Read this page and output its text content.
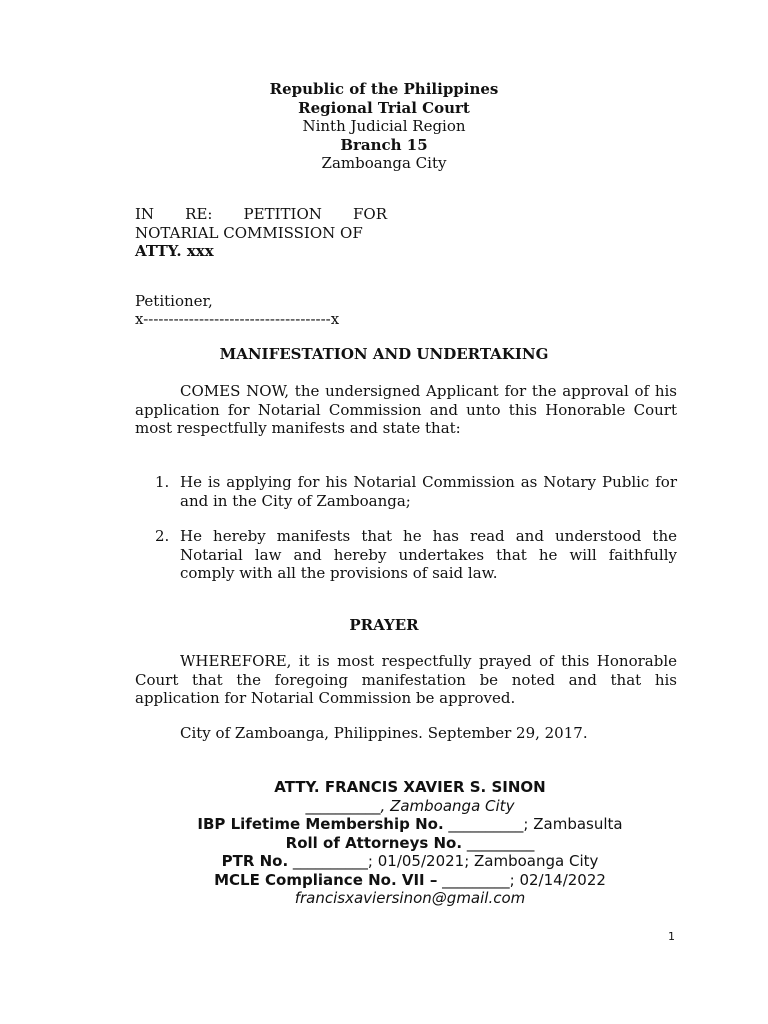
Republic of the Philippines
Regional Trial Court
Ninth Judicial Region
Branch 15
Zamboanga City
IN RE: PETITION FOR
NOTARIAL COMMISSION OF
ATTY. xxx
Petitioner,
x-------------------------------------x
MANIFESTATION AND UNDERTAKING
COMES NOW, the undersigned Applicant for the approval of his application for Notarial Commission and unto this Honorable Court most respectfully manifests and state that:
1. He is applying for his Notarial Commission as Notary Public for and in the City of Zamboanga;
2. He hereby manifests that he has read and understood the Notarial law and hereby undertakes that he will faithfully comply with all the provisions of said law.
PRAYER
WHEREFORE, it is most respectfully prayed of this Honorable Court that the foregoing manifestation be noted and that his application for Notarial Commission be approved.
City of Zamboanga, Philippines. September 29, 2017.
ATTY. FRANCIS XAVIER S. SINON
__________, Zamboanga City
IBP Lifetime Membership No. __________; Zambasulta
Roll of Attorneys No. _________
PTR No. __________; 01/05/2021; Zamboanga City
MCLE Compliance No. VII – _________; 02/14/2022
francisxaviersinon@gmail.com
1
